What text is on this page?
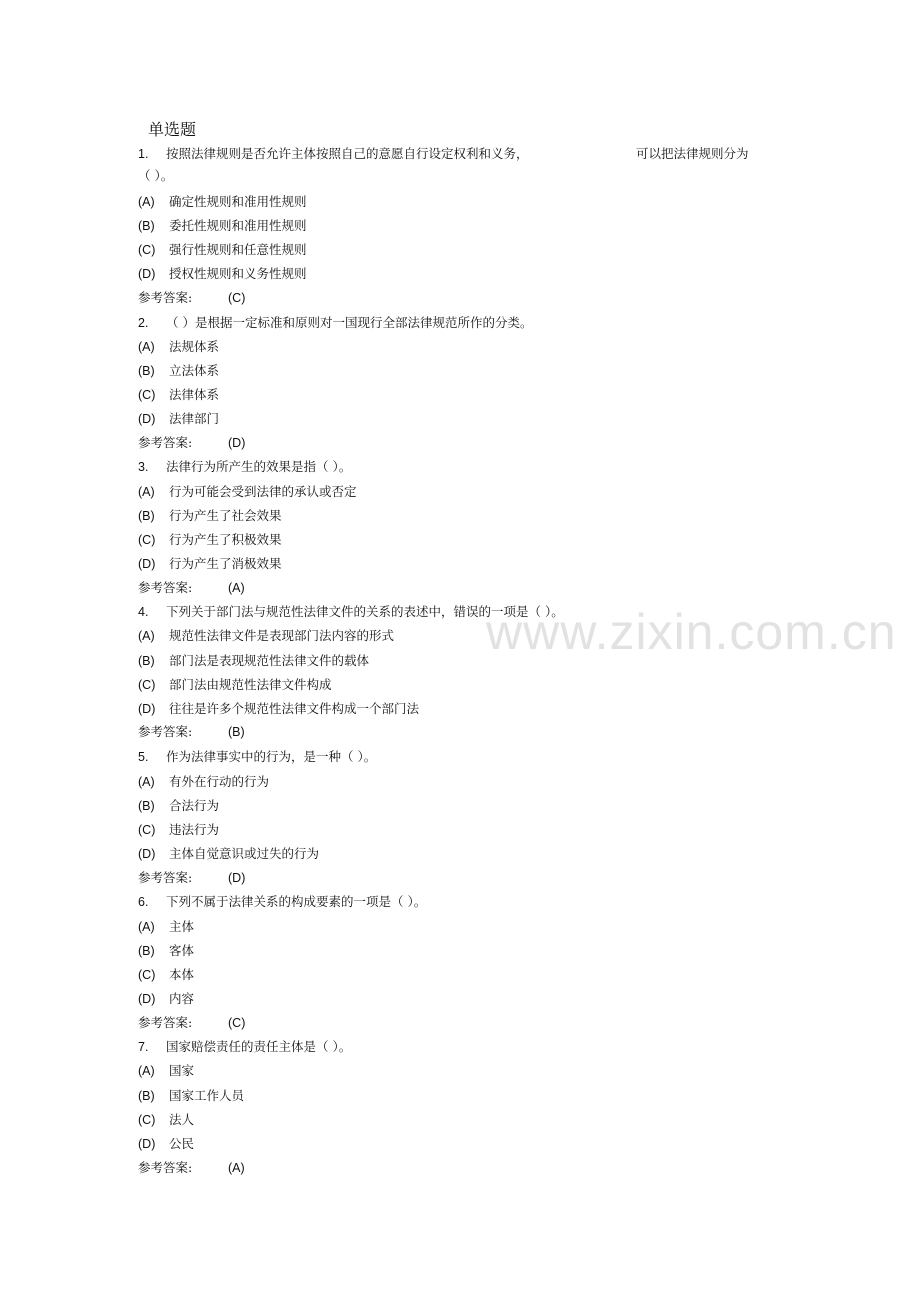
www.zixin.com.cn
单选题
1. 按照法律规则是否允许主体按照自己的意愿自行设定权利和义务，	可以把法律规则分为
（ ）。
(A) 确定性规则和准用性规则
(B) 委托性规则和准用性规则
(C) 强行性规则和任意性规则
(D) 授权性规则和义务性规则
参考答案:	(C)
2. （ ）是根据一定标准和原则对一国现行全部法律规范所作的分类。
(A) 法规体系
(B) 立法体系
(C) 法律体系
(D) 法律部门
参考答案:	(D)
3. 法律行为所产生的效果是指（ ）。
(A) 行为可能会受到法律的承认或否定
(B) 行为产生了社会效果
(C) 行为产生了积极效果
(D) 行为产生了消极效果
参考答案:	(A)
4. 下列关于部门法与规范性法律文件的关系的表述中，错误的一项是（ ）。
(A) 规范性法律文件是表现部门法内容的形式
(B) 部门法是表现规范性法律文件的载体
(C) 部门法由规范性法律文件构成
(D) 往往是许多个规范性法律文件构成一个部门法
参考答案:	(B)
5. 作为法律事实中的行为，是一种（ ）。
(A) 有外在行动的行为
(B) 合法行为
(C) 违法行为
(D) 主体自觉意识或过失的行为
参考答案:	(D)
6. 下列不属于法律关系的构成要素的一项是（ ）。
(A) 主体
(B) 客体
(C) 本体
(D) 内容
参考答案:	(C)
7. 国家赔偿责任的责任主体是（ ）。
(A) 国家
(B) 国家工作人员
(C) 法人
(D) 公民
参考答案:	(A)
